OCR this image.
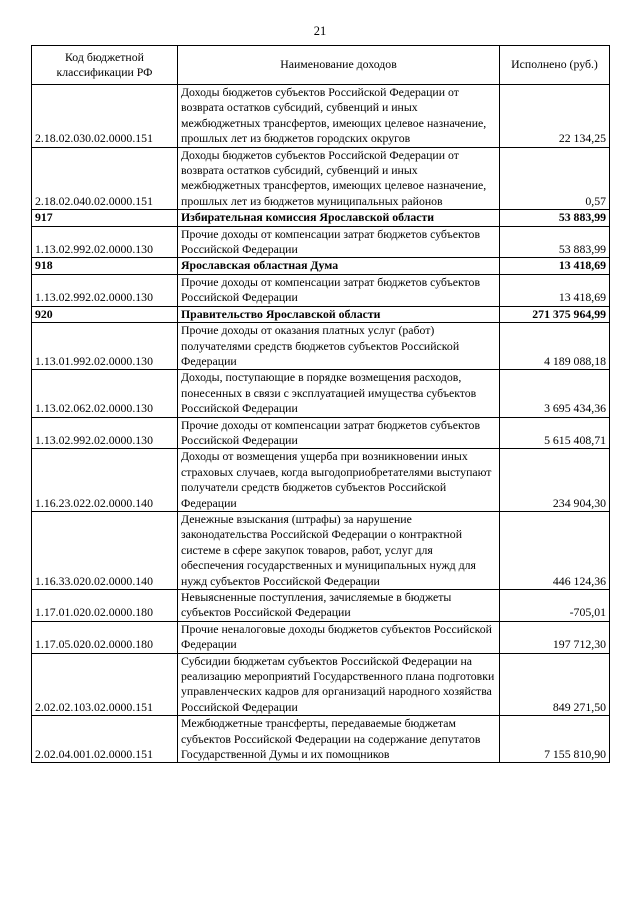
21
Код бюджетной классификации РФ	Наименование доходов	Исполнено (руб.)
2.18.02.030.02.0000.151	Доходы бюджетов субъектов Российской Федерации от возврата остатков субсидий, субвенций и иных межбюджетных трансфертов, имеющих целевое назначение, прошлых лет из бюджетов городских округов	22 134,25
2.18.02.040.02.0000.151	Доходы бюджетов субъектов Российской Федерации от возврата остатков субсидий, субвенций и иных межбюджетных трансфертов, имеющих целевое назначение, прошлых лет из бюджетов муниципальных районов	0,57
917	Избирательная комиссия Ярославской области	53 883,99
1.13.02.992.02.0000.130	Прочие доходы от компенсации затрат бюджетов субъектов Российской Федерации	53 883,99
918	Ярославская областная Дума	13 418,69
1.13.02.992.02.0000.130	Прочие доходы от компенсации затрат бюджетов субъектов Российской Федерации	13 418,69
920	Правительство Ярославской области	271 375 964,99
1.13.01.992.02.0000.130	Прочие доходы от оказания платных услуг (работ) получателями средств бюджетов субъектов Российской Федерации	4 189 088,18
1.13.02.062.02.0000.130	Доходы, поступающие в порядке возмещения расходов, понесенных в связи с эксплуатацией имущества субъектов Российской Федерации	3 695 434,36
1.13.02.992.02.0000.130	Прочие доходы от компенсации затрат бюджетов субъектов Российской Федерации	5 615 408,71
1.16.23.022.02.0000.140	Доходы от возмещения ущерба при возникновении иных страховых случаев, когда выгодоприобретателями выступают получатели средств бюджетов субъектов Российской Федерации	234 904,30
1.16.33.020.02.0000.140	Денежные взыскания (штрафы) за нарушение законодательства Российской Федерации о контрактной системе в сфере закупок товаров, работ, услуг для обеспечения государственных и муниципальных нужд для нужд субъектов Российской Федерации	446 124,36
1.17.01.020.02.0000.180	Невыясненные поступления, зачисляемые в бюджеты субъектов Российской Федерации	-705,01
1.17.05.020.02.0000.180	Прочие неналоговые доходы бюджетов субъектов Российской Федерации	197 712,30
2.02.02.103.02.0000.151	Субсидии бюджетам субъектов Российской Федерации на реализацию мероприятий Государственного плана подготовки управленческих кадров для организаций народного хозяйства Российской Федерации	849 271,50
2.02.04.001.02.0000.151	Межбюджетные трансферты, передаваемые бюджетам субъектов Российской Федерации на содержание депутатов Государственной Думы и их помощников	7 155 810,90
